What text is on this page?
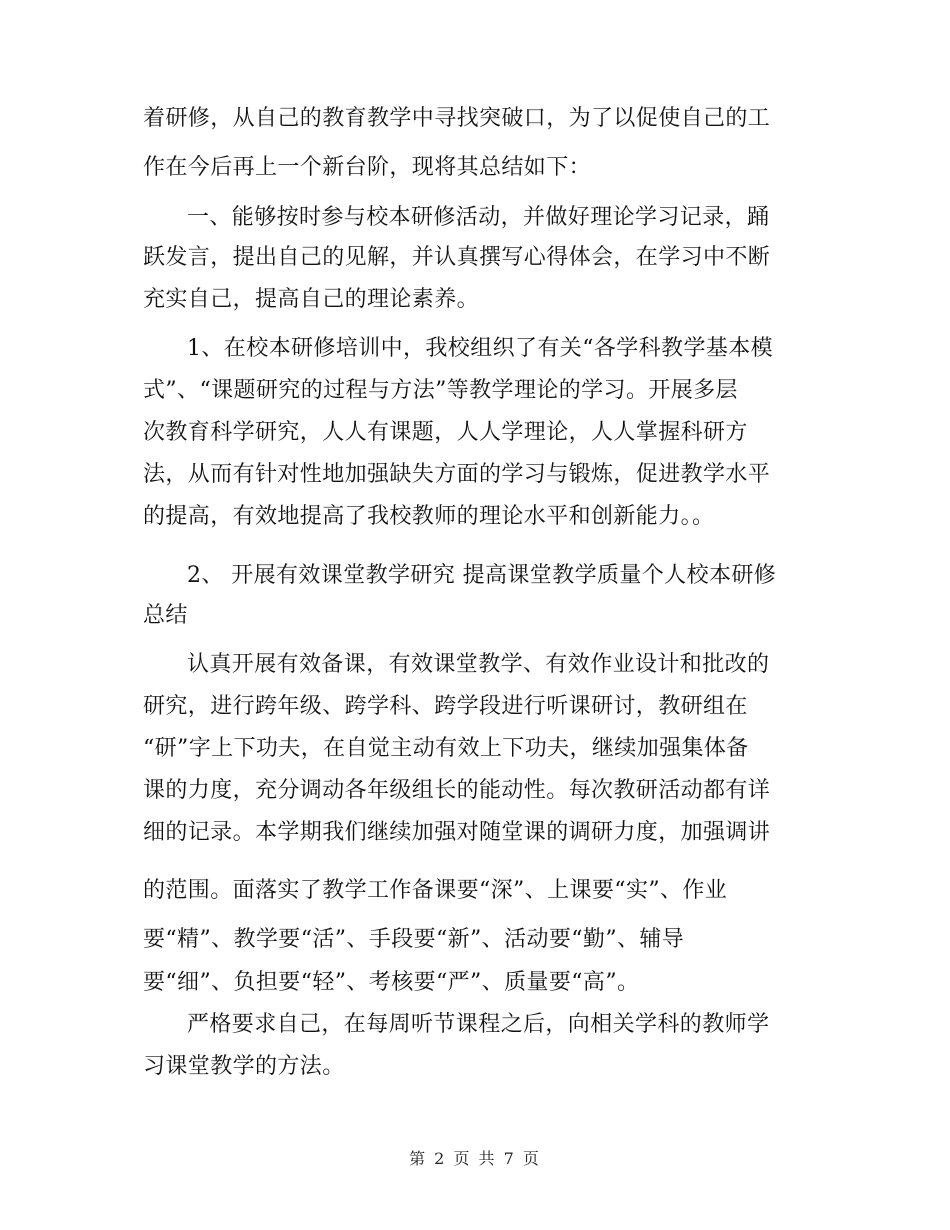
着研修，从自己的教育教学中寻找突破口，为了以促使自己的工
作在今后再上一个新台阶，现将其总结如下：
一、能够按时参与校本研修活动，并做好理论学习记录，踊
跃发言，提出自己的见解，并认真撰写心得体会，在学习中不断
充实自己，提高自己的理论素养。
1、在校本研修培训中，我校组织了有关“各学科教学基本模
式”、“课题研究的过程与方法”等教学理论的学习。开展多层
次教育科学研究，人人有课题，人人学理论，人人掌握科研方
法，从而有针对性地加强缺失方面的学习与锻炼，促进教学水平
的提高，有效地提高了我校教师的理论水平和创新能力。。
2、 开展有效课堂教学研究 提高课堂教学质量个人校本研修
总结
认真开展有效备课，有效课堂教学、有效作业设计和批改的
研究，进行跨年级、跨学科、跨学段进行听课研讨，教研组在
“研”字上下功夫，在自觉主动有效上下功夫，继续加强集体备
课的力度，充分调动各年级组长的能动性。每次教研活动都有详
细的记录。本学期我们继续加强对随堂课的调研力度，加强调讲
的范围。面落实了教学工作备课要“深”、上课要“实”、作业
要“精”、教学要“活”、手段要“新”、活动要“勤”、辅导
要“细”、负担要“轻”、考核要“严”、质量要“高”。
严格要求自己，在每周听节课程之后，向相关学科的教师学
习课堂教学的方法。
第 2 页 共 7 页
